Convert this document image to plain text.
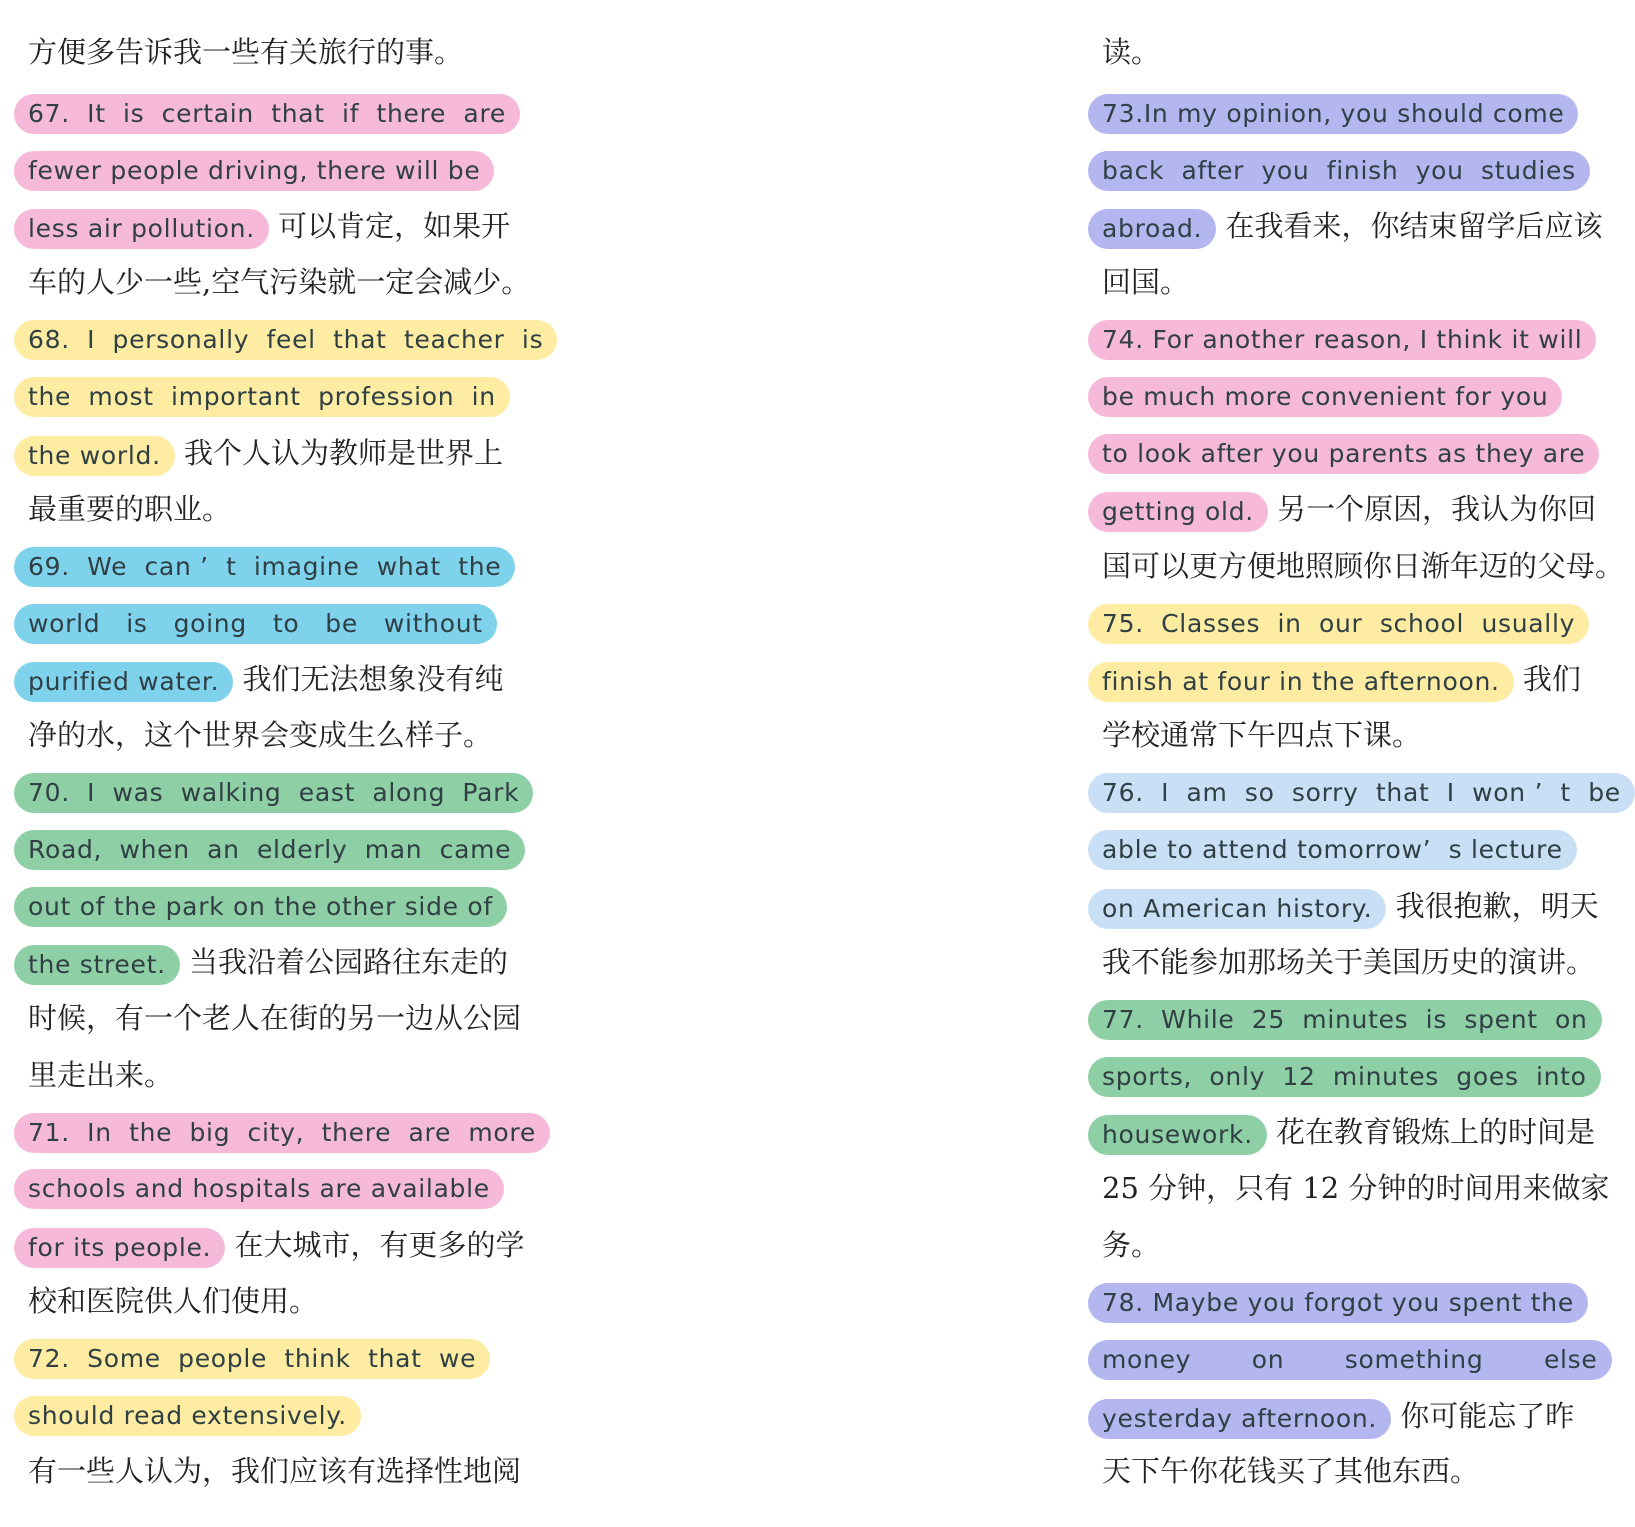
方便多告诉我一些有关旅行的事。
67.  It  is  certain  that  if  there  are
fewer people driving, there will be
less air pollution. 可以肯定，如果开
车的人少一些,空气污染就一定会减少。
68.  I  personally  feel  that  teacher  is
the  most  important  profession  in
the world. 我个人认为教师是世界上
最重要的职业。
69.  We  can ’  t  imagine  what  the
world   is   going   to   be   without
purified water. 我们无法想象没有纯
净的水，这个世界会变成生么样子。
70.  I  was  walking  east  along  Park
Road,  when  an  elderly  man  came
out of the park on the other side of
the street. 当我沿着公园路往东走的
时候，有一个老人在街的另一边从公园
里走出来。
71.  In  the  big  city,  there  are  more
schools and hospitals are available
for its people. 在大城市，有更多的学
校和医院供人们使用。
72.  Some  people  think  that  we
should read extensively.
有一些人认为，我们应该有选择性地阅
读。
73.In my opinion, you should come
back  after  you  finish  you  studies
abroad. 在我看来，你结束留学后应该
回国。
74. For another reason, I think it will
be much more convenient for you
to look after you parents as they are
getting old. 另一个原因，我认为你回
国可以更方便地照顾你日渐年迈的父母。
75.  Classes  in  our  school  usually
finish at four in the afternoon. 我们
学校通常下午四点下课。
76.  I  am  so  sorry  that  I  won ’  t  be
able to attend tomorrow’  s lecture
on American history. 我很抱歉，明天
我不能参加那场关于美国历史的演讲。
77.  While  25  minutes  is  spent  on
sports,  only  12  minutes  goes  into
housework. 花在教育锻炼上的时间是
25 分钟，只有 12 分钟的时间用来做家
务。
78. Maybe you forgot you spent the
money       on       something       else
yesterday afternoon. 你可能忘了昨
天下午你花钱买了其他东西。
